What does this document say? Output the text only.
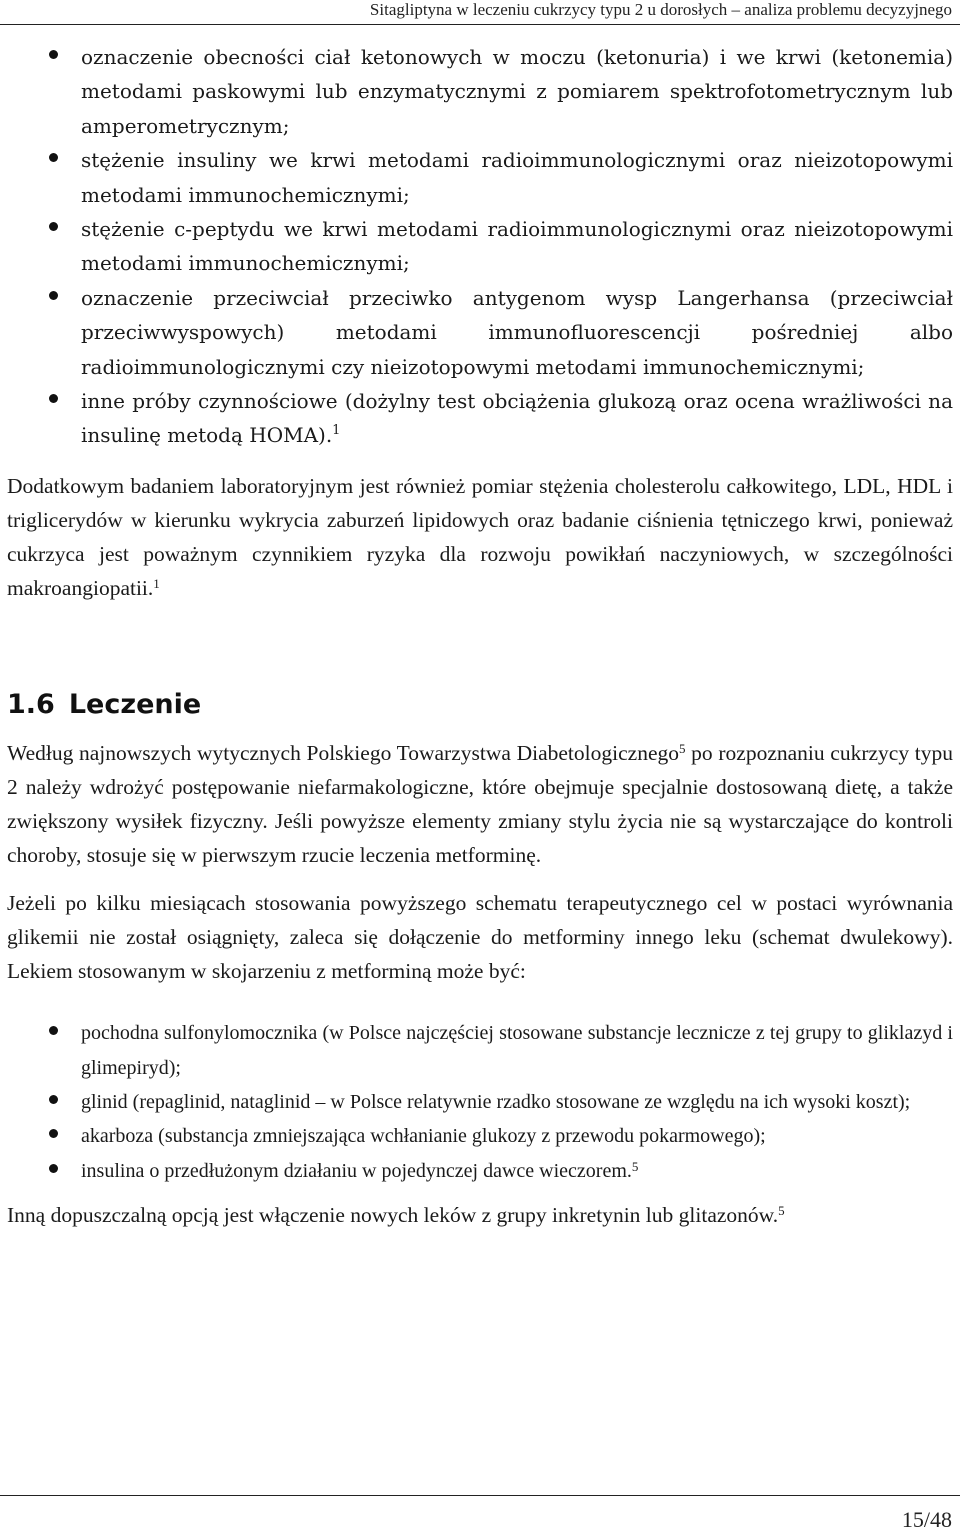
Sitagliptyna w leczeniu cukrzycy typu 2 u dorosłych – analiza problemu decyzyjnego
oznaczenie obecności ciał ketonowych w moczu (ketonuria) i we krwi (ketonemia) metodami paskowymi lub enzymatycznymi z pomiarem spektrofotometrycznym lub amperometrycznym;
stężenie insuliny we krwi metodami radioimmunologicznymi oraz nieizotopowymi metodami immunochemicznymi;
stężenie c-peptydu we krwi metodami radioimmunologicznymi oraz nieizotopowymi metodami immunochemicznymi;
oznaczenie przeciwciał przeciwko antygenom wysp Langerhansa (przeciwciał przeciwwyspowych) metodami immunofluorescencji pośredniej albo radioimmunologicznymi czy nieizotopowymi metodami immunochemicznymi;
inne próby czynnościowe (dożylny test obciążenia glukozą oraz ocena wrażliwości na insulinę metodą HOMA).$^1$

Dodatkowym badaniem laboratoryjnym jest również pomiar stężenia cholesterolu całkowitego, LDL, HDL i triglicerydów w kierunku wykrycia zaburzeń lipidowych oraz badanie ciśnienia tętniczego krwi, ponieważ cukrzyca jest poważnym czynnikiem ryzyka dla rozwoju powikłań naczyniowych, w szczególności makroangiopatii.$^1$

1.6 Leczenie

Według najnowszych wytycznych Polskiego Towarzystwa Diabetologicznego$^5$ po rozpoznaniu cukrzycy typu 2 należy wdrożyć postępowanie niefarmakologiczne, które obejmuje specjalnie dostosowaną dietę, a także zwiększony wysiłek fizyczny. Jeśli powyższe elementy zmiany stylu życia nie są wystarczające do kontroli choroby, stosuje się w pierwszym rzucie leczenia metforminę.

Jeżeli po kilku miesiącach stosowania powyższego schematu terapeutycznego cel w postaci wyrównania glikemii nie został osiągnięty, zaleca się dołączenie do metforminy innego leku (schemat dwulekowy). Lekiem stosowanym w skojarzeniu z metforminą może być:

pochodna sulfonylomocznika (w Polsce najczęściej stosowane substancje lecznicze z tej grupy to gliklazyd i glimepiryd);
glinid (repaglinid, nataglinid – w Polsce relatywnie rzadko stosowane ze względu na ich wysoki koszt);
akarboza (substancja zmniejszająca wchłanianie glukozy z przewodu pokarmowego);
insulina o przedłużonym działaniu w pojedynczej dawce wieczorem.$^5$

Inną dopuszczalną opcją jest włączenie nowych leków z grupy inkretynin lub glitazonów.$^5$

15/48
